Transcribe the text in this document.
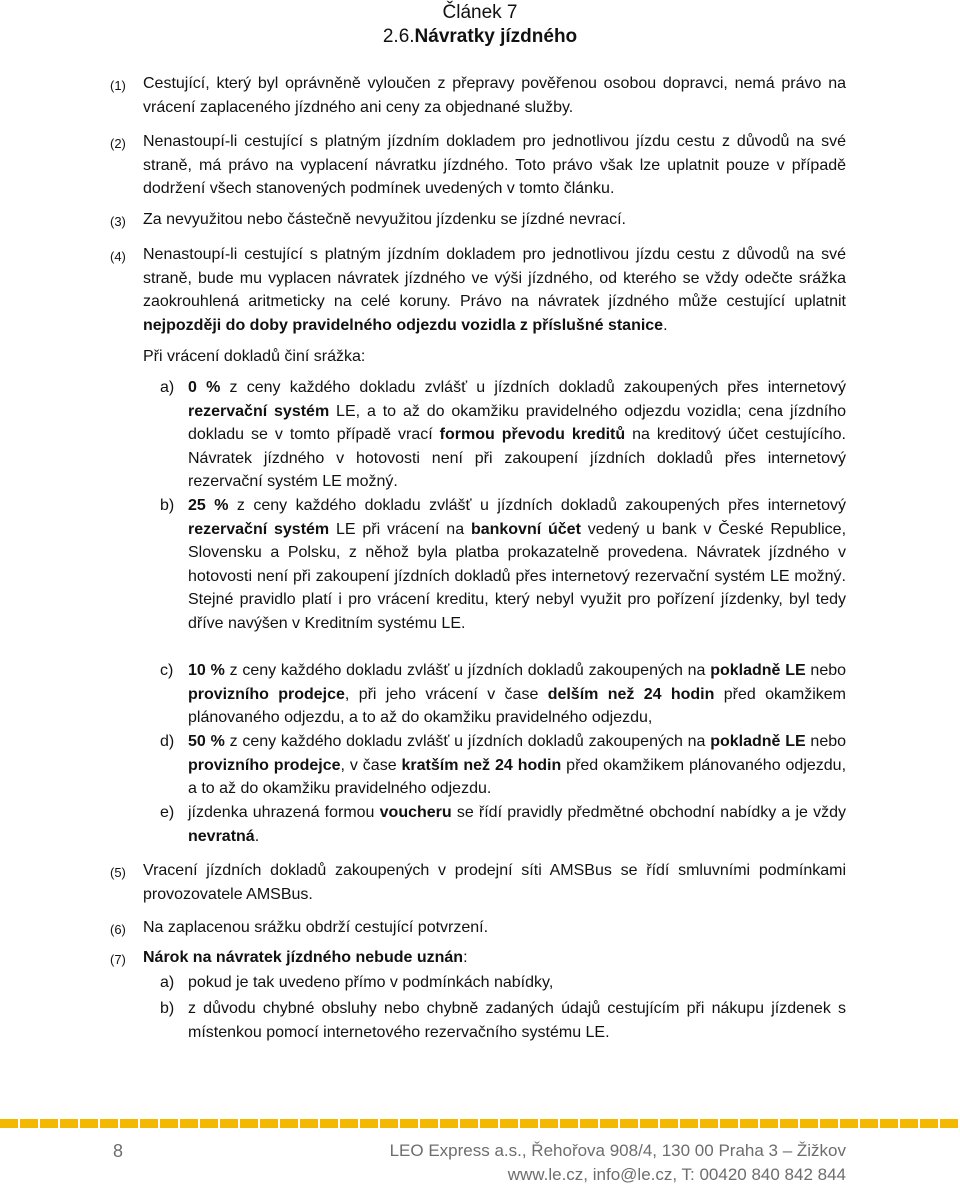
Článek 7
2.6.Návratky jízdného
(1)	Cestující, který byl oprávněně vyloučen z přepravy pověřenou osobou dopravci, nemá právo na vrácení zaplaceného jízdného ani ceny za objednané služby.
(2)	Nenastoupí-li cestující s platným jízdním dokladem pro jednotlivou jízdu cestu z důvodů na své straně, má právo na vyplacení návratku jízdného. Toto právo však lze uplatnit pouze v případě dodržení všech stanovených podmínek uvedených v tomto článku.
(3)	Za nevyužitou nebo částečně nevyužitou jízdenku se jízdné nevrací.
(4)	Nenastoupí-li cestující s platným jízdním dokladem pro jednotlivou jízdu cestu z důvodů na své straně, bude mu vyplacen návratek jízdného ve výši jízdného, od kterého se vždy odečte srážka zaokrouhlená aritmeticky na celé koruny. Právo na návratek jízdného může cestující uplatnit nejpozději do doby pravidelného odjezdu vozidla z příslušné stanice.
Při vrácení dokladů činí srážka:
a) 0 % z ceny každého dokladu zvlášť u jízdních dokladů zakoupených přes internetový rezervační systém LE, a to až do okamžiku pravidelného odjezdu vozidla; cena jízdního dokladu se v tomto případě vrací formou převodu kreditů na kreditový účet cestujícího. Návratek jízdného v hotovosti není při zakoupení jízdních dokladů přes internetový rezervační systém LE možný.
b) 25 % z ceny každého dokladu zvlášť u jízdních dokladů zakoupených přes internetový rezervační systém LE při vrácení na bankovní účet vedený u bank v České Republice, Slovensku a Polsku, z něhož byla platba prokazatelně provedena. Návratek jízdného v hotovosti není při zakoupení jízdních dokladů přes internetový rezervační systém LE možný. Stejné pravidlo platí i pro vrácení kreditu, který nebyl využit pro pořízení jízdenky, byl tedy dříve navýšen v Kreditním systému LE.
c) 10 % z ceny každého dokladu zvlášť u jízdních dokladů zakoupených na pokladně LE nebo provizního prodejce, při jeho vrácení v čase delším než 24 hodin před okamžikem plánovaného odjezdu, a to až do okamžiku pravidelného odjezdu,
d) 50 % z ceny každého dokladu zvlášť u jízdních dokladů zakoupených na pokladně LE nebo provizního prodejce, v čase kratším než 24 hodin před okamžikem plánovaného odjezdu, a to až do okamžiku pravidelného odjezdu.
e) jízdenka uhrazená formou voucheru se řídí pravidly předmětné obchodní nabídky a je vždy nevratná.
(5)	Vracení jízdních dokladů zakoupených v prodejní síti AMSBus se řídí smluvními podmínkami provozovatele AMSBus.
(6)	Na zaplacenou srážku obdrží cestující potvrzení.
(7)	Nárok na návratek jízdného nebude uznán:
a) pokud je tak uvedeno přímo v podmínkách nabídky,
b) z důvodu chybné obsluhy nebo chybně zadaných údajů cestujícím při nákupu jízdenek s místenkou pomocí internetového rezervačního systému LE.
8	LEO Express a.s., Řehořova 908/4, 130 00 Praha 3 – Žižkov
www.le.cz, info@le.cz, T: 00420 840 842 844
